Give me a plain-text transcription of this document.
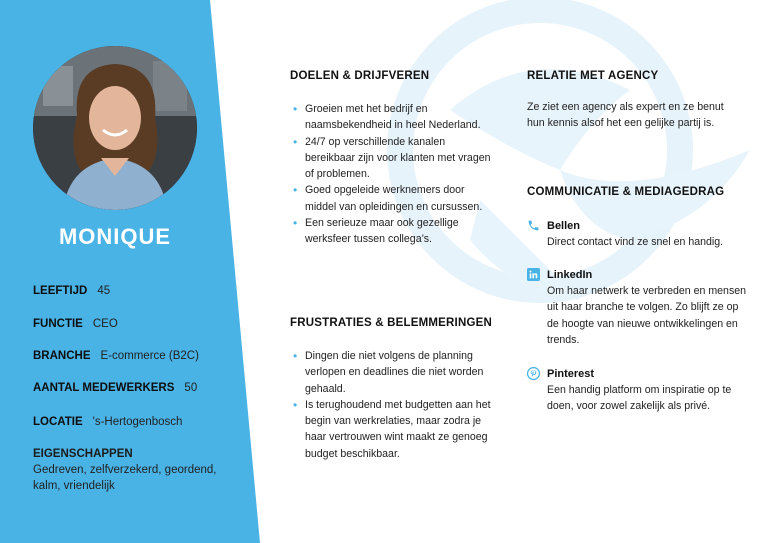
MONIQUE
LEEFTIJD 45
FUNCTIE CEO
BRANCHE E-commerce (B2C)
AANTAL MEDEWERKERS 50
LOCATIE 's-Hertogenbosch
EIGENSCHAPPEN
Gedreven, zelfverzekerd, geordend, kalm, vriendelijk
DOELEN & DRIJFVEREN
• Groeien met het bedrijf en naamsbekendheid in heel Nederland.
• 24/7 op verschillende kanalen bereikbaar zijn voor klanten met vragen of problemen.
• Goed opgeleide werknemers door middel van opleidingen en cursussen.
• Een serieuze maar ook gezellige werksfeer tussen collega’s.
FRUSTRATIES & BELEMMERINGEN
• Dingen die niet volgens de planning verlopen en deadlines die niet worden gehaald.
• Is terughoudend met budgetten aan het begin van werkrelaties, maar zodra je haar vertrouwen wint maakt ze genoeg budget beschikbaar.
RELATIE MET AGENCY
Ze ziet een agency als expert en ze benut hun kennis alsof het een gelijke partij is.
COMMUNICATIE & MEDIAGEDRAG
Bellen
Direct contact vind ze snel en handig.
LinkedIn
Om haar netwerk te verbreden en mensen uit haar branche te volgen. Zo blijft ze op de hoogte van nieuwe ontwikkelingen en trends.
Pinterest
Een handig platform om inspiratie op te doen, voor zowel zakelijk als privé.
